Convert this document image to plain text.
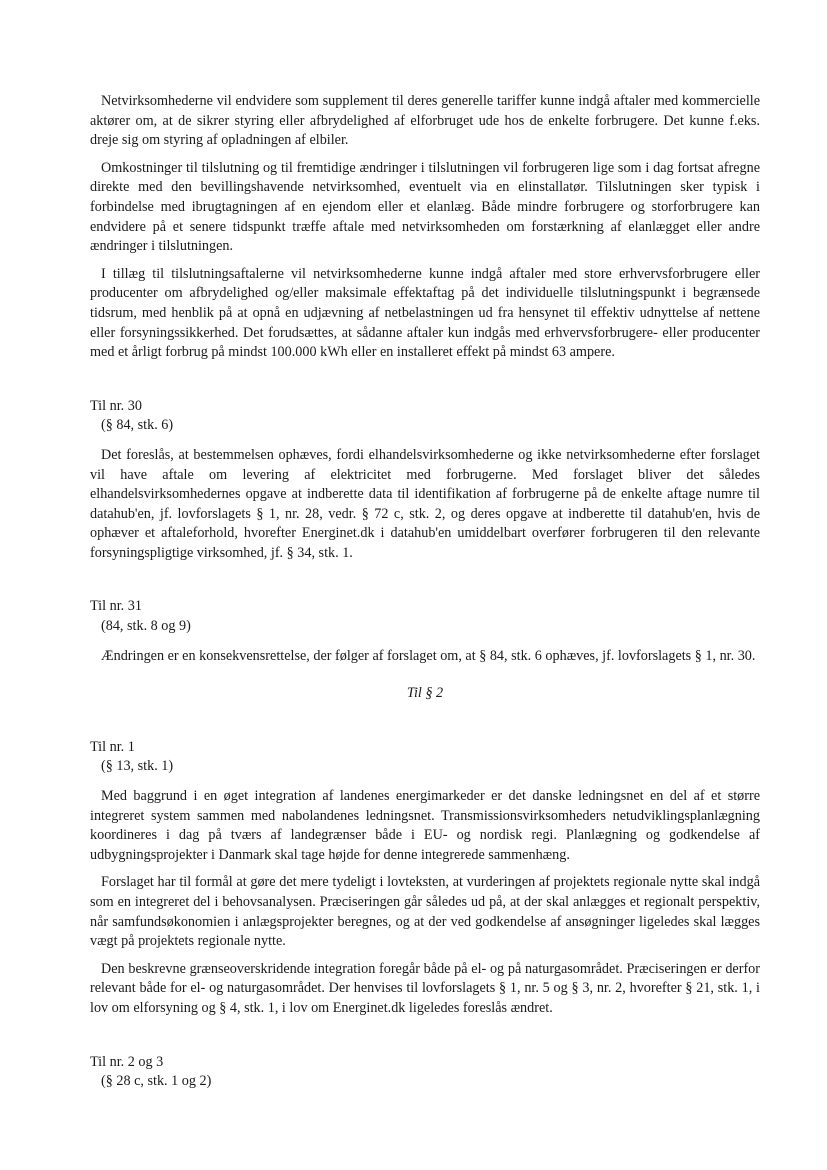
Netvirksomhederne vil endvidere som supplement til deres generelle tariffer kunne indgå aftaler med kommercielle aktører om, at de sikrer styring eller afbrydelighed af elforbruget ude hos de enkelte forbrugere. Det kunne f.eks. dreje sig om styring af opladningen af elbiler.

Omkostninger til tilslutning og til fremtidige ændringer i tilslutningen vil forbrugeren lige som i dag fortsat afregne direkte med den bevillingshavende netvirksomhed, eventuelt via en elinstallatør. Tilslutningen sker typisk i forbindelse med ibrugtagningen af en ejendom eller et elanlæg. Både mindre forbrugere og storforbrugere kan endvidere på et senere tidspunkt træffe aftale med netvirksomheden om forstærkning af elanlægget eller andre ændringer i tilslutningen.

I tillæg til tilslutningsaftalerne vil netvirksomhederne kunne indgå aftaler med store erhvervsforbrugere eller producenter om afbrydelighed og/eller maksimale effektaftag på det individuelle tilslutningspunkt i begrænsede tidsrum, med henblik på at opnå en udjævning af netbelastningen ud fra hensynet til effektiv udnyttelse af nettene eller forsyningssikkerhed. Det forudsættes, at sådanne aftaler kun indgås med erhvervsforbrugere- eller producenter med et årligt forbrug på mindst 100.000 kWh eller en installeret effekt på mindst 63 ampere.

Til nr. 30
(§ 84, stk. 6)

Det foreslås, at bestemmelsen ophæves, fordi elhandelsvirksomhederne og ikke netvirksomhederne efter forslaget vil have aftale om levering af elektricitet med forbrugerne. Med forslaget bliver det således elhandelsvirksomhedernes opgave at indberette data til identifikation af forbrugerne på de enkelte aftage numre til datahub'en, jf. lovforslagets § 1, nr. 28, vedr. § 72 c, stk. 2, og deres opgave at indberette til datahub'en, hvis de ophæver et aftaleforhold, hvorefter Energinet.dk i datahub'en umiddelbart overfører forbrugeren til den relevante forsyningspligtige virksomhed, jf. § 34, stk. 1.

Til nr. 31
(84, stk. 8 og 9)

Ændringen er en konsekvensrettelse, der følger af forslaget om, at § 84, stk. 6 ophæves, jf. lovforslagets § 1, nr. 30.

Til § 2
Til nr. 1
(§ 13, stk. 1)

Med baggrund i en øget integration af landenes energimarkeder er det danske ledningsnet en del af et større integreret system sammen med nabolandenes ledningsnet. Transmissionsvirksomheders netudviklingsplanlægning koordineres i dag på tværs af landegrænser både i EU- og nordisk regi. Planlægning og godkendelse af udbygningsprojekter i Danmark skal tage højde for denne integrerede sammenhæng.

Forslaget har til formål at gøre det mere tydeligt i lovteksten, at vurderingen af projektets regionale nytte skal indgå som en integreret del i behovsanalysen. Præciseringen går således ud på, at der skal anlægges et regionalt perspektiv, når samfundsøkonomien i anlægsprojekter beregnes, og at der ved godkendelse af ansøgninger ligeledes skal lægges vægt på projektets regionale nytte.

Den beskrevne grænseoverskridende integration foregår både på el- og på naturgasområdet. Præciseringen er derfor relevant både for el- og naturgasområdet. Der henvises til lovforslagets § 1, nr. 5 og § 3, nr. 2, hvorefter § 21, stk. 1, i lov om elforsyning og § 4, stk. 1, i lov om Energinet.dk ligeledes foreslås ændret.

Til nr. 2 og 3
(§ 28 c, stk. 1 og 2)
